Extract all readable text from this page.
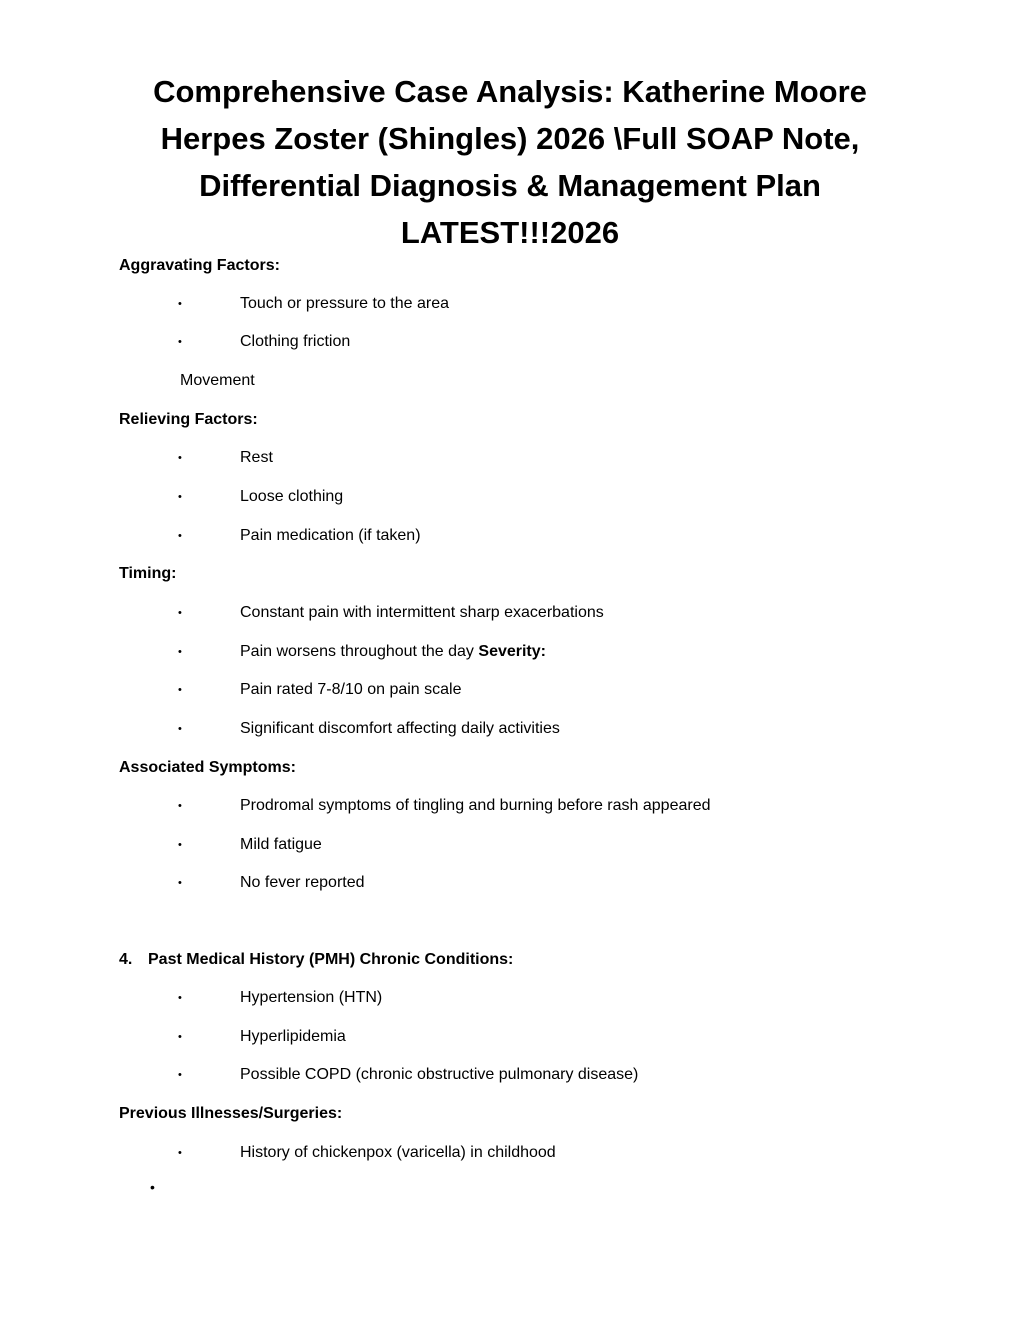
Comprehensive Case Analysis: Katherine Moore
Herpes Zoster (Shingles) 2026 \Full SOAP Note,
Differential Diagnosis & Management Plan
LATEST!!!2026
Aggravating Factors:
•	Touch or pressure to the area
•	Clothing friction
Movement
Relieving Factors:
•	Rest
•	Loose clothing
•	Pain medication (if taken)
Timing:
•	Constant pain with intermittent sharp exacerbations
•	Pain worsens throughout the day Severity:
•	Pain rated 7-8/10 on pain scale
•	Significant discomfort affecting daily activities
Associated Symptoms:
•	Prodromal symptoms of tingling and burning before rash appeared
•	Mild fatigue
•	No fever reported
4. Past Medical History (PMH) Chronic Conditions:
•	Hypertension (HTN)
•	Hyperlipidemia
•	Possible COPD (chronic obstructive pulmonary disease)
Previous Illnesses/Surgeries:
•	History of chickenpox (varicella) in childhood
•
